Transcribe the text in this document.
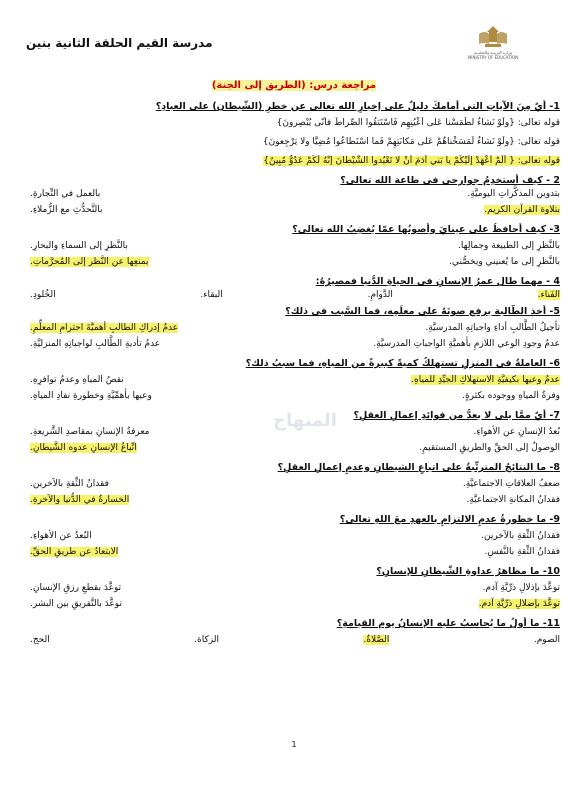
مدرسة القيم الحلقة الثانية بنين
وزارة التربيـة والتعليــم
MINISTRY OF EDUCATION
مراجعة درس: (الطريق إلى الجنة)

1- أيٌ مِنَ الآياتِ التي أمامكَ دليلٌ على إخبارِ الله تعالى عن خطرِ (الشَّيطان) على العبادِ؟

قوله تعالى: {ولَوْ نَشاءُ لطَمَسْنا عَلى أعْيُنِهِم فَاسْتَبَقُوا الصِّراطَ فأنّى يُبْصِرونَ}

قوله تعالى: {ولَوْ نَشاءُ لَمَسَخْناهُمْ عَلى مَكانَتِهِمْ فَما اسْتَطاعُوا مُضِيًّا ولا يَرْجِعونَ}

قوله تعالى: { ألَمْ أعْهَدْ إلَيْكُمْ يا بَني آدَمَ أنْ لا تَعْبُدوا الشَّيْطانَ إنَّهُ لَكُمْ عَدُوٌّ مُبِينٌ}

2 - كيف أستخدِمُ جوارحي في طاعة الله تعالى؟

بتدوين المذكَّراتِ اليوميَّةِ.
بالعمل في التِّجارةِ.
بتلاوة القرآن الكريم.
بالتَّحدُّثِ مع الزُّملاءِ.

3- كيف أحافظُ على عينايَ وأصونُها عمّا يُغضِبُ الله تعالى؟

بالنَّظرِ إلى الطبيعة وجمالِها.
بالنَّظرِ إلى السماءِ والبحارِ.
بالنَّظرِ إلى ما يُعنيني ويخصُّني.
بمنعِها عن النَّظر إلى المُحرَّماتِ.

4 - مهما طال عمرُ الإنسانِ في الحياةِ الدُّنيا فمصيرُهُ:

الفَناء.
الدَّوامِ.
البقاء.
الخُلودِ.

5- أخذ الطَّالبة يرفع صوتَهُ على معلِّمِه، فما السَّبب في ذلك؟

تأجيلُ الطَّالبِ أداءِ واجباتِهِ المدرسيَّةِ.
عدمُ إدراكِ الطالبِ أهميَّةَ احترامِ المعلِّمِ.
عدمُ وجودِ الوعي اللازمِ بأهميَّةِ الواجباتِ المدرسيَّةِ.
عدمُ تأديةِ الطَّالبِ لواجباتِهِ المنزليَّةِ.

6- العاملةُ في المنزلِ تستهلكُ كميةً كبيرةً من المياهِ، فما سببُ ذلك؟

عدمُ وعيها بكيفيَّةِ الاستهلاكِ الجيِّدِ للمياهِ.
نقصُ المياهِ وعدمُ توافرِهِ.
وفرةُ المياهِ ووجوده بكثرةٍ.
وعيها بأهمِّيَّةِ وخطورةِ نفادِ المياهِ.

7- أيٌ ممَّا يلي لا يعدُّ من فوائدِ إعمالِ العقلِ؟

بُعدُ الإنسانِ عن الأهواءِ.
معرفةُ الإنسانِ بمقاصدِ الشَّريعةِ.
الوصولُ إلى الحقِّ والطريقِ المستقيمِ.
اتِّباعُ الإنسانِ عدوه الشَّيطانِ.

8- ما النتائجُ المترتِّبةُ على اتباعِ الشيطانِ وعدمِ إعمالِ العقلِ؟

ضعفُ العلاقاتِ الاجتماعيَّةِ.
فقدانُ الثِّقةِ بالآخرين.
فقدانُ المكانةِ الاجتماعيَّةِ.
الخسارةُ في الدُّنيا والآخرةِ.

9- ما خطورةُ عدمِ الالتزامِ بالعهدِ معَ اللهِ تعالى؟

فقدانُ الثِّقةِ بالآخرين.
البُعدُ عن الأهواءِ.
فقدانُ الثِّقةِ بالنَّفسِ.
الابتعادُ عن طريقِ الحقِّ.

10- ما مظاهرُ عداوةِ الشَّيطانِ للإنسانِ؟

توعَّدَ بإذلالِ ذرِّيَّةِ آدم.
توعَّدَ بقطعِ رزقِ الإنسانِ.
توعَّدَ بإضلالِ ذرِّيَّةِ آدم.
توعَّدَ بالتَّفريقِ بين البشر.

11- ما أولُ ما يُحاسبُ عليه الإنسانُ يوم القيامةِ؟

الصوم.
الصَّلاةُ.
الزكاة.
الحج.
المنهاج
1
